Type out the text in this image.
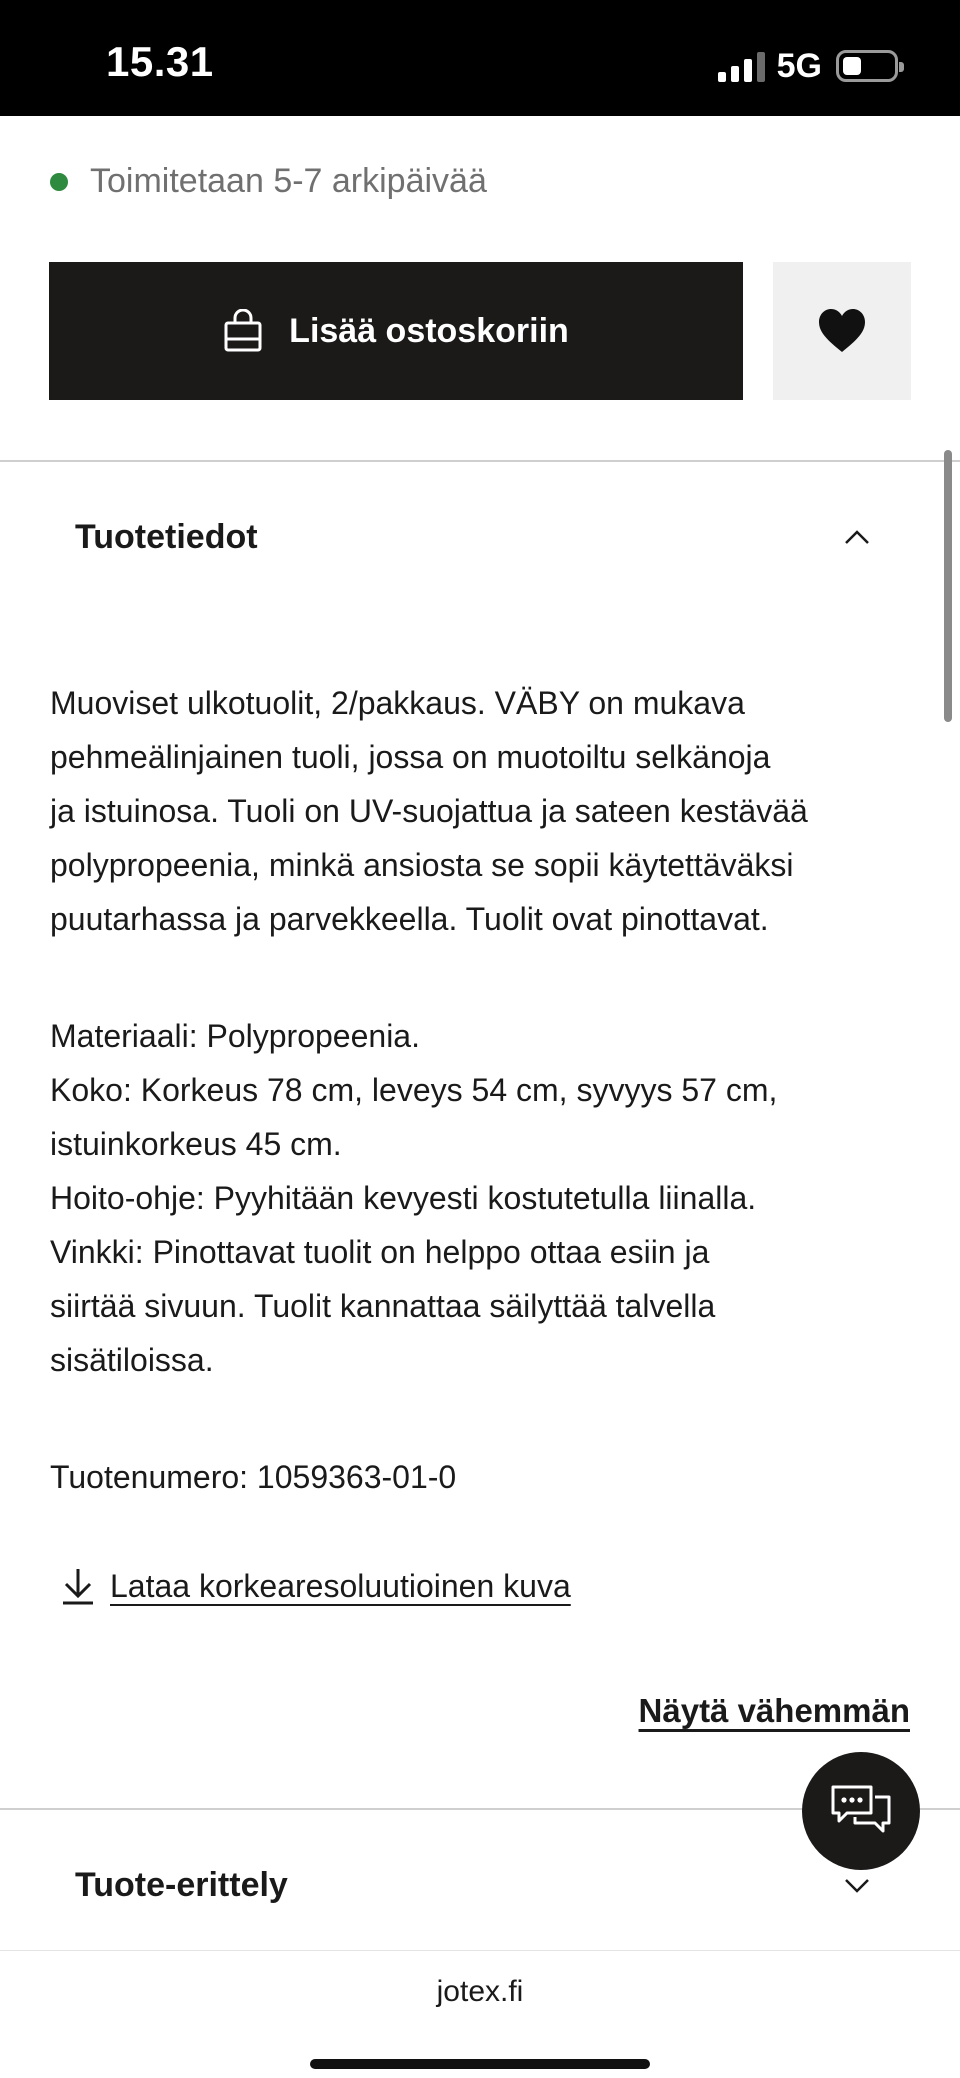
15.31	5G
Toimitetaan 5-7 arkipäivää
Lisää ostoskoriin
Tuotetiedot

Muoviset ulkotuolit, 2/pakkaus. VÄBY on mukava

pehmeälinjainen tuoli, jossa on muotoiltu selkänoja

ja istuinosa. Tuoli on UV-suojattua ja sateen kestävää

polypropeenia, minkä ansiosta se sopii käytettäväksi

puutarhassa ja parvekkeella. Tuolit ovat pinottavat.

Materiaali: Polypropeenia.

Koko: Korkeus 78 cm, leveys 54 cm, syvyys 57 cm,

istuinkorkeus 45 cm.

Hoito-ohje: Pyyhitään kevyesti kostutetulla liinalla.

Vinkki: Pinottavat tuolit on helppo ottaa esiin ja

siirtää sivuun. Tuolit kannattaa säilyttää talvella

sisätiloissa.

Tuotenumero: 1059363-01-0

Lataa korkearesoluutioinen kuva
Näytä vähemmän
Tuote-erittely
jotex.fi
